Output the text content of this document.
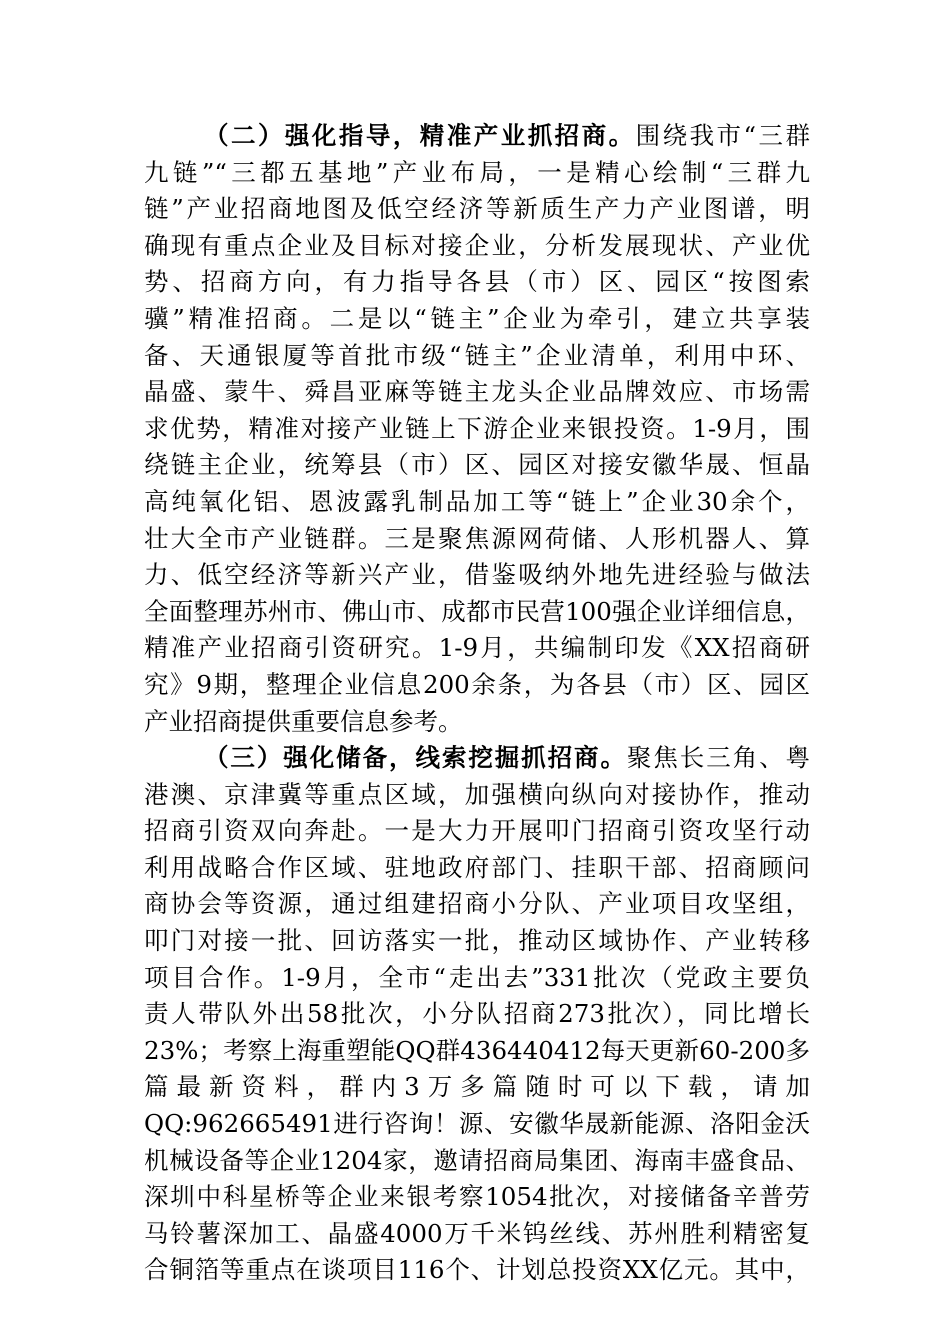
（二）强化指导，精准产业抓招商。围绕我市“三群
九链”“三都五基地”产业布局，一是精心绘制“三群九
链”产业招商地图及低空经济等新质生产力产业图谱，明
确现有重点企业及目标对接企业，分析发展现状、产业优
势、招商方向，有力指导各县（市）区、园区“按图索
骥”精准招商。二是以“链主”企业为牵引，建立共享装
备、天通银厦等首批市级“链主”企业清单，利用中环、
晶盛、蒙牛、舜昌亚麻等链主龙头企业品牌效应、市场需
求优势，精准对接产业链上下游企业来银投资。1-9月，围
绕链主企业，统筹县（市）区、园区对接安徽华晟、恒晶
高纯氧化铝、恩波露乳制品加工等“链上”企业30余个，
壮大全市产业链群。三是聚焦源网荷储、人形机器人、算
力、低空经济等新兴产业，借鉴吸纳外地先进经验与做法
全面整理苏州市、佛山市、成都市民营100强企业详细信息，
精准产业招商引资研究。1-9月，共编制印发《XX招商研
究》9期，整理企业信息200余条，为各县（市）区、园区
产业招商提供重要信息参考。
（三）强化储备，线索挖掘抓招商。聚焦长三角、粤
港澳、京津冀等重点区域，加强横向纵向对接协作，推动
招商引资双向奔赴。一是大力开展叩门招商引资攻坚行动
利用战略合作区域、驻地政府部门、挂职干部、招商顾问
商协会等资源，通过组建招商小分队、产业项目攻坚组，
叩门对接一批、回访落实一批，推动区域协作、产业转移
项目合作。1-9月，全市“走出去”331批次（党政主要负
责人带队外出58批次，小分队招商273批次），同比增长
23%；考察上海重塑能QQ群436440412每天更新60-200多
篇最新资料，群内3万多篇随时可以下载，请加
QQ:962665491进行咨询！源、安徽华晟新能源、洛阳金沃
机械设备等企业1204家，邀请招商局集团、海南丰盛食品、
深圳中科星桥等企业来银考察1054批次，对接储备辛普劳
马铃薯深加工、晶盛4000万千米钨丝线、苏州胜利精密复
合铜箔等重点在谈项目116个、计划总投资XX亿元。其中，
